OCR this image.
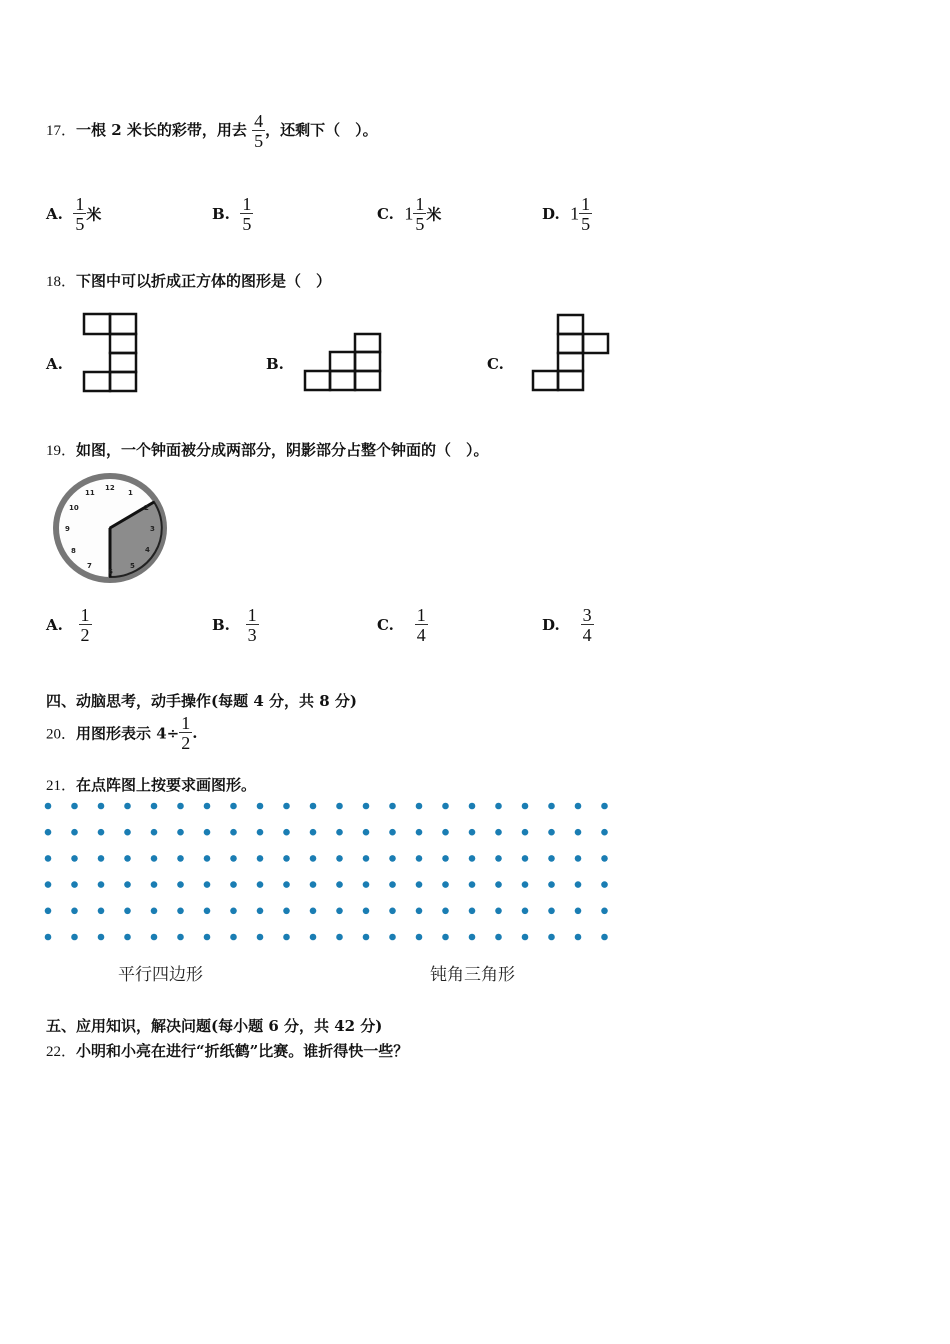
17．一根 2 米长的彩带，用去 $\frac{4}{5}$ ，还剩下（　）。
A. $\frac{1}{5}$ 米	B. $\frac{1}{5}$	C. $1 \frac{1}{5}$ 米	D. $1 \frac{1}{5}$
18．下图中可以折成正方体的图形是（　）
A.	B.	C.
19．如图，一个钟面被分成两部分，阴影部分占整个钟面的（　）。
12
1
2
3
4
5
6
7
8
9
10
11
A. $\frac{1}{2}$	B. $\frac{1}{3}$	C. $\frac{1}{4}$	D. $\frac{3}{4}$
四、动脑思考，动手操作(每题 4 分，共 8 分)
20．用图形表示 $4\div \frac{1}{2}$ .
21．在点阵图上按要求画图形。
平行四边形	钝角三角形
五、应用知识，解决问题(每小题 6 分，共 42 分)
22．小明和小亮在进行“折纸鹤”比赛。谁折得快一些？
